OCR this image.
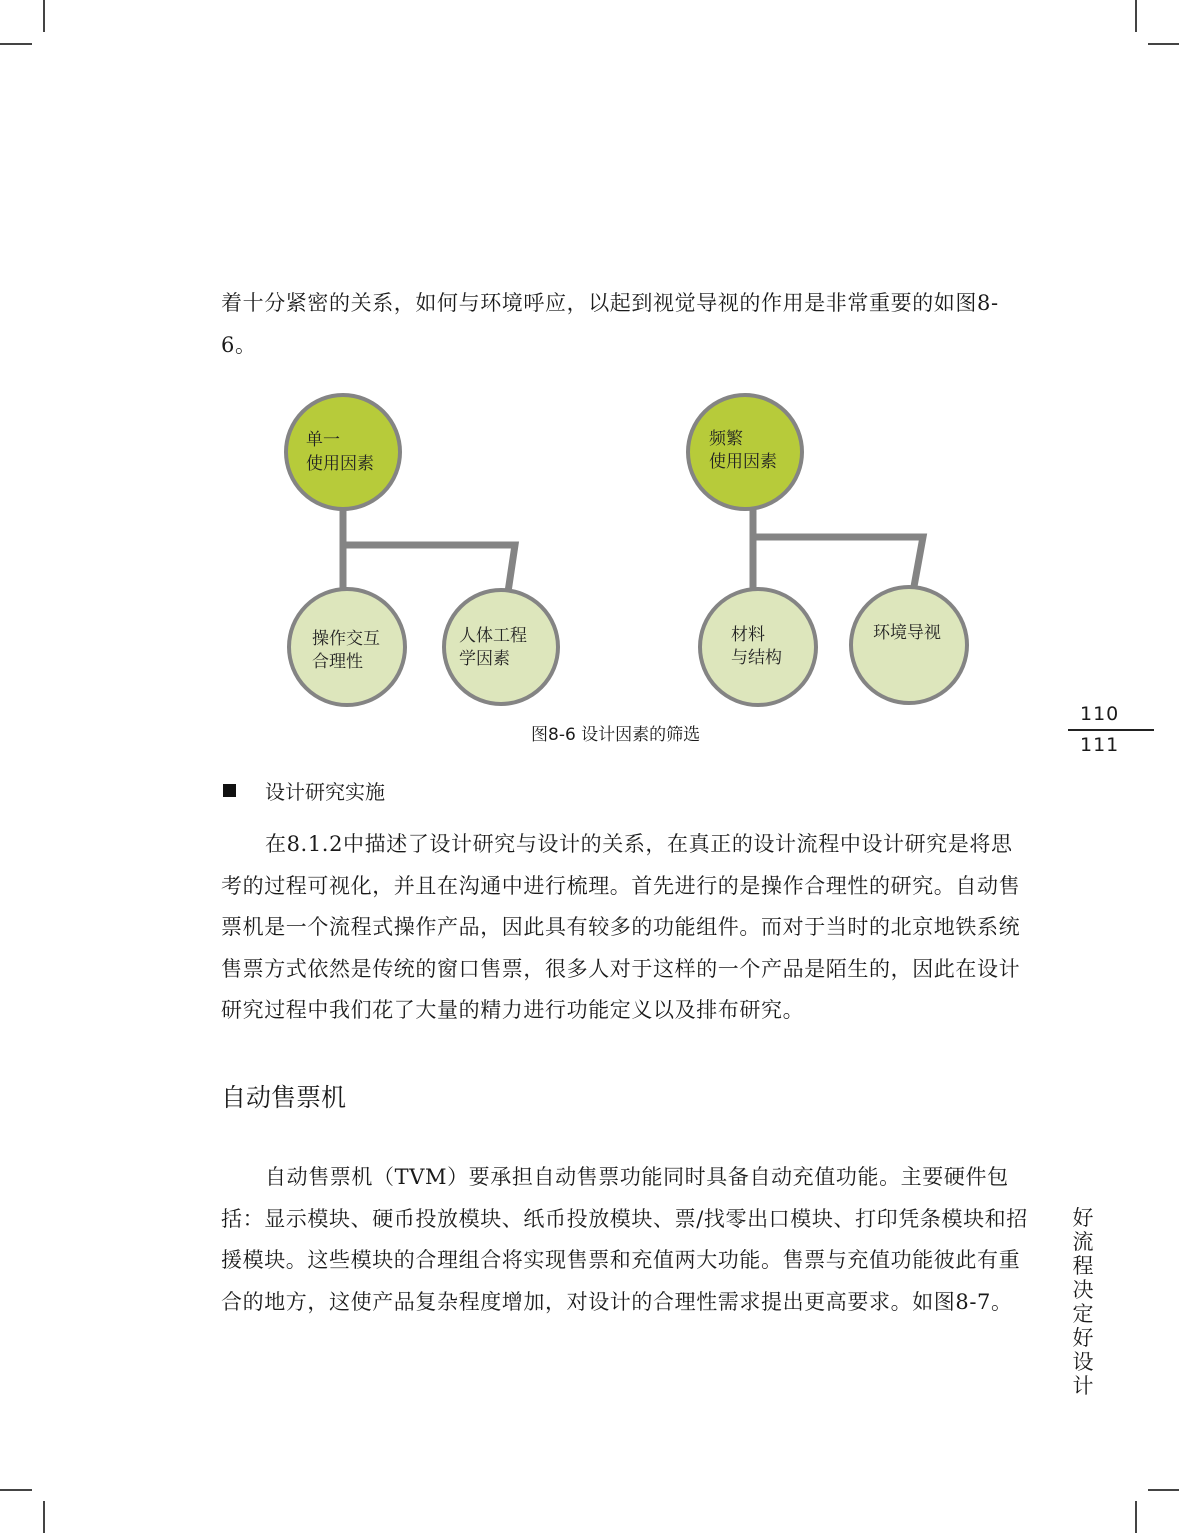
着十分紧密的关系，如何与环境呼应，以起到视觉导视的作用是非常重要的如图8-6。

单一
使用因素
操作交互
合理性
人体工程
学因素
频繁
使用因素
材料
与结构
环境导视
图8-6 设计因素的筛选
设计研究实施

在8.1.2中描述了设计研究与设计的关系，在真正的设计流程中设计研究是将思考的过程可视化，并且在沟通中进行梳理。首先进行的是操作合理性的研究。自动售票机是一个流程式操作产品，因此具有较多的功能组件。而对于当时的北京地铁系统售票方式依然是传统的窗口售票，很多人对于这样的一个产品是陌生的，因此在设计研究过程中我们花了大量的精力进行功能定义以及排布研究。

自动售票机

自动售票机（TVM）要承担自动售票功能同时具备自动充值功能。主要硬件包括：显示模块、硬币投放模块、纸币投放模块、票/找零出口模块、打印凭条模块和招援模块。这些模块的合理组合将实现售票和充值两大功能。售票与充值功能彼此有重合的地方，这使产品复杂程度增加，对设计的合理性需求提出更高要求。如图8-7。

110
111
好
流
程
决
定
好
设
计
